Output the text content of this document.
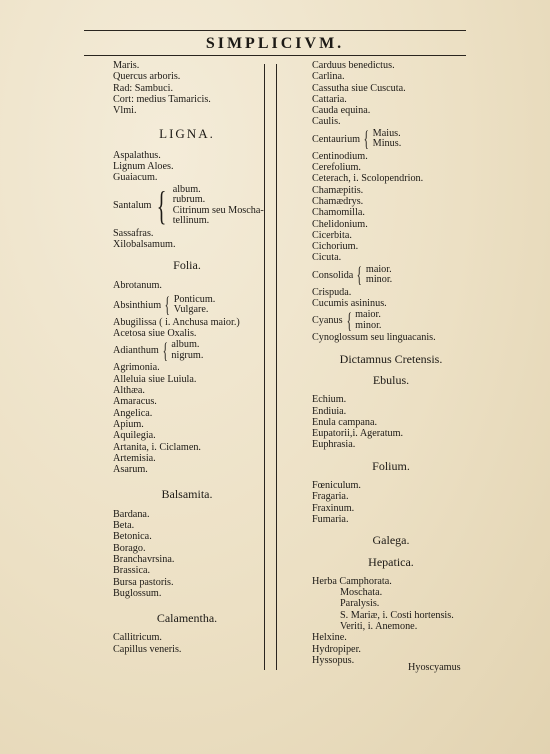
SIMPLICIVM.
Maris.
Quercus arboris.
Rad: Sambuci.
Cort: medius Tamaricis.
Vlmi.
LIGNA.
Aspalathus.
Lignum Aloes.
Guaiacum.
Santalum { album.
rubrum.
Citrinum seu Moscha-
tellinum.
Sassafras.
Xilobalsamum.
Folia.
Abrotanum.
Absinthium { Ponticum.
Vulgare.
Abugilissa ( i. Anchusa maior.)
Acetosa siue Oxalis.
Adianthum { album.
nigrum.
Agrimonia.
Alleluia siue Luiula.
Althæa.
Amaracus.
Angelica.
Apium.
Aquilegia.
Artanita, i. Ciclamen.
Artemisia.
Asarum.
Balsamita.
Bardana.
Beta.
Betonica.
Borago.
Branchavrsina.
Brassica.
Bursa pastoris.
Buglossum.
Calamentha.
Callitricum.
Capillus veneris.
Carduus benedictus.
Carlina.
Cassutha siue Cuscuta.
Cattaria.
Cauda equina.
Caulis.
Centaurium { Maius.
Minus.
Centinodium.
Cerefolium.
Ceterach, i. Scolopendrion.
Chamæpitis.
Chamædrys.
Chamomilla.
Chelidonium.
Cicerbita.
Cichorium.
Cicuta.
Consolida { maior.
minor.
Crispuda.
Cucumis asininus.
Cyanus { maior.
minor.
Cynoglossum seu linguacanis.
Dictamnus Cretensis.
Ebulus.
Echium.
Endiuia.
Enula campana.
Eupatorii,i. Ageratum.
Euphrasia.
Folium.
Fœniculum.
Fragaria.
Fraxinum.
Fumaria.
Galega.
Hepatica.
Herba Camphorata.
Moschata.
Paralysis.
S. Mariæ, i. Costi hortensis.
Veriti, i. Anemone.
Helxine.
Hydropiper.
Hyssopus.
Hyoscyamus
